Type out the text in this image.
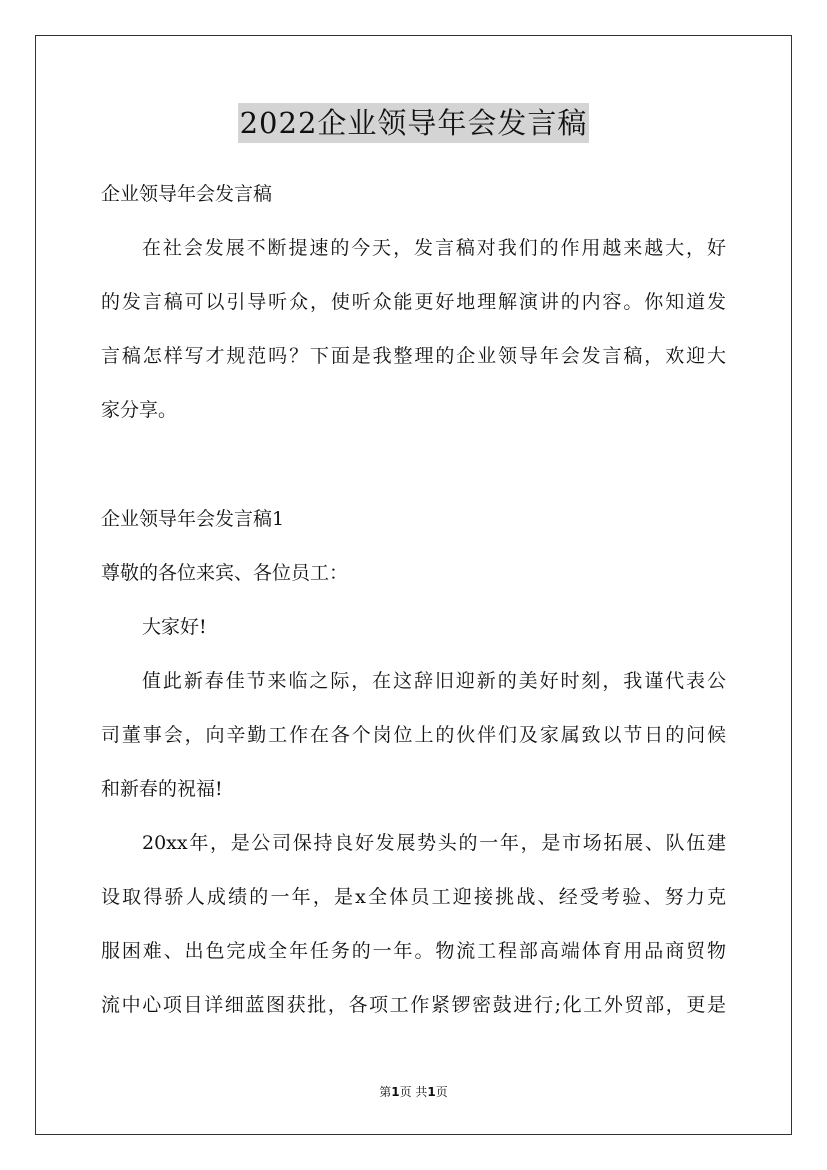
2022企业领导年会发言稿
企业领导年会发言稿
在社会发展不断提速的今天，发言稿对我们的作用越来越大，好
的发言稿可以引导听众，使听众能更好地理解演讲的内容。你知道发
言稿怎样写才规范吗？下面是我整理的企业领导年会发言稿，欢迎大
家分享。
企业领导年会发言稿1
尊敬的各位来宾、各位员工：
大家好!
值此新春佳节来临之际，在这辞旧迎新的美好时刻，我谨代表公
司董事会，向辛勤工作在各个岗位上的伙伴们及家属致以节日的问候
和新春的祝福!
20xx年，是公司保持良好发展势头的一年，是市场拓展、队伍建
设取得骄人成绩的一年，是x全体员工迎接挑战、经受考验、努力克
服困难、出色完成全年任务的一年。物流工程部高端体育用品商贸物
流中心项目详细蓝图获批，各项工作紧锣密鼓进行;化工外贸部，更是
第1页 共1页
